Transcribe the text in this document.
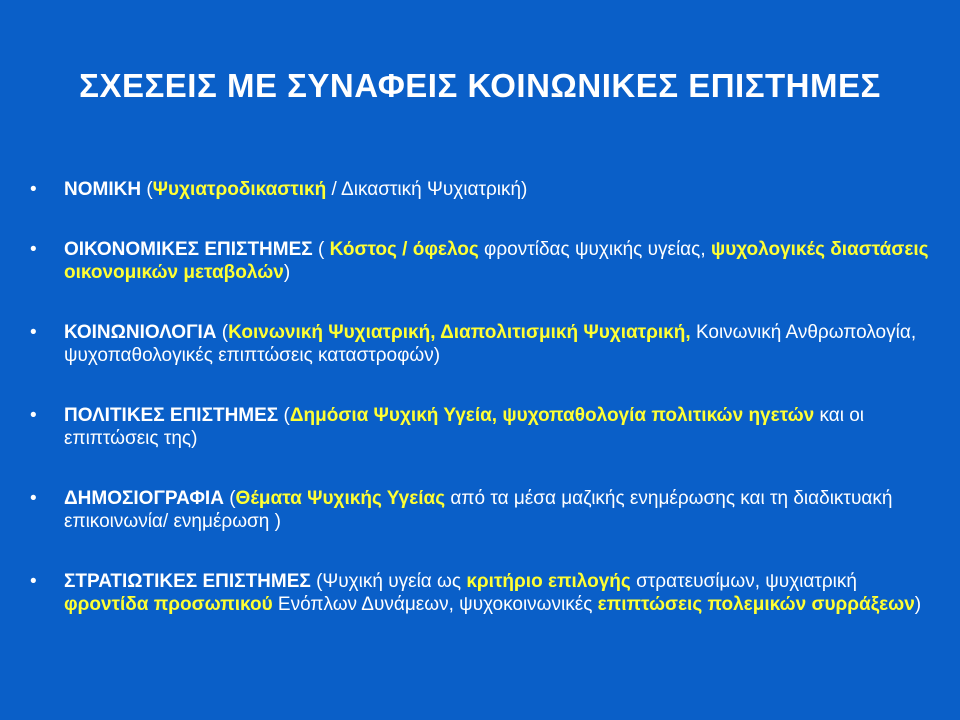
ΣΧΕΣΕΙΣ ΜΕ ΣΥΝΑΦΕΙΣ ΚΟΙΝΩΝΙΚΕΣ ΕΠΙΣΤΗΜΕΣ
• ΝΟΜΙΚΗ (Ψυχιατροδικαστική / Δικαστική Ψυχιατρική)
• ΟΙΚΟΝΟΜΙΚΕΣ ΕΠΙΣΤΗΜΕΣ ( Κόστος / όφελος φροντίδας ψυχικής υγείας, ψυχολογικές διαστάσεις οικονομικών μεταβολών)
• ΚΟΙΝΩΝΙΟΛΟΓΙΑ (Κοινωνική Ψυχιατρική, Διαπολιτισμική Ψυχιατρική, Κοινωνική Ανθρωπολογία, ψυχοπαθολογικές επιπτώσεις καταστροφών)
• ΠΟΛΙΤΙΚΕΣ ΕΠΙΣΤΗΜΕΣ (Δημόσια Ψυχική Υγεία, ψυχοπαθολογία πολιτικών ηγετών και οι επιπτώσεις της)
• ΔΗΜΟΣΙΟΓΡΑΦΙΑ (Θέματα Ψυχικής Υγείας από τα μέσα μαζικής ενημέρωσης και τη διαδικτυακή επικοινωνία/ ενημέρωση )
• ΣΤΡΑΤΙΩΤΙΚΕΣ ΕΠΙΣΤΗΜΕΣ (Ψυχική υγεία ως κριτήριο επιλογής στρατευσίμων, ψυχιατρική φροντίδα προσωπικού Ενόπλων Δυνάμεων, ψυχοκοινωνικές επιπτώσεις πολεμικών συρράξεων)
